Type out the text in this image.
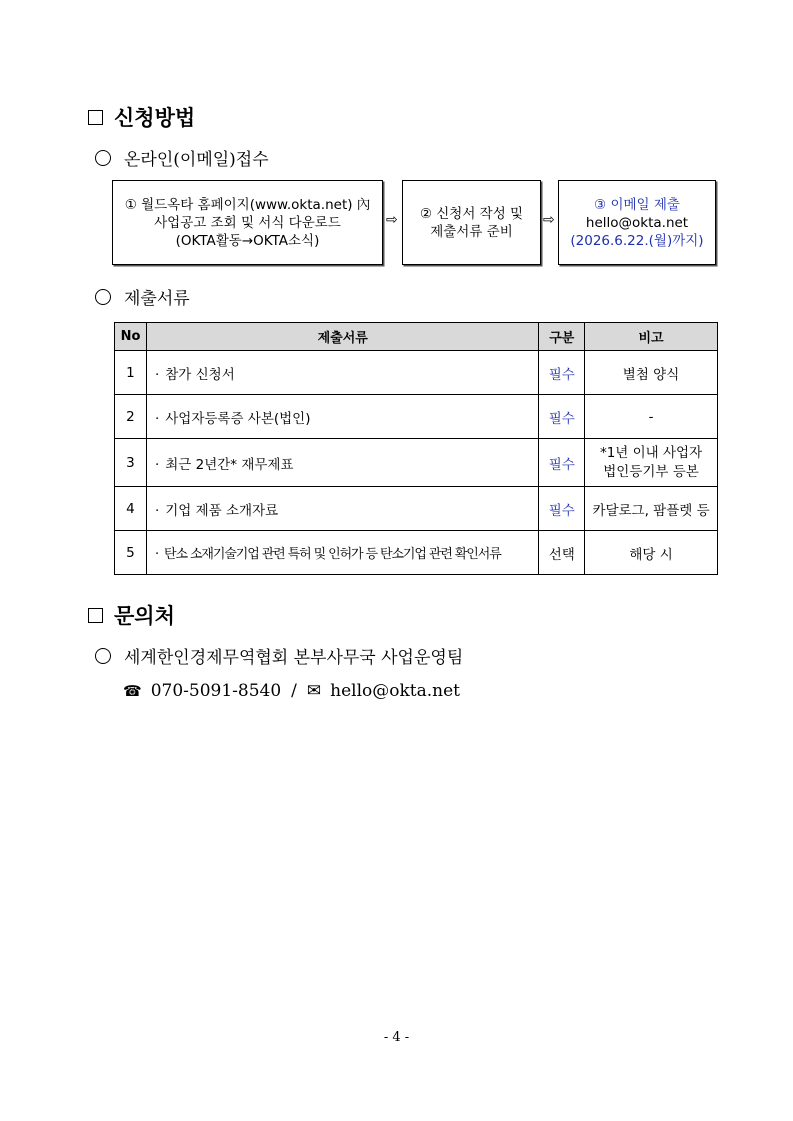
신청방법
온라인(이메일)접수
① 월드옥타 홈페이지(www.okta.net) 內
사업공고 조회 및 서식 다운로드
(OKTA활동→OKTA소식)
⇨ ② 신청서 작성 및
제출서류 준비
⇨
③ 이메일 제출
hello@okta.net
(2026.6.22.(월)까지)
제출서류
No	제출서류	구분	비고
1	· 참가 신청서	필수	별첨 양식

2	· 사업자등록증 사본(법인)	필수	-

3	· 최근 2년간* 재무제표	필수	*1년 이내 사업자
법인등기부 등본

4	· 기업 제품 소개자료	필수	카달로그, 팜플렛 등

5	· 탄소 소재기술기업 관련 특허 및 인허가 등 탄소기업 관련 확인서류	선택	해당 시
문의처
세계한인경제무역협회 본부사무국 사업운영팀
☎ 070-5091-8540 / ✉ hello@okta.net
- 4 -
